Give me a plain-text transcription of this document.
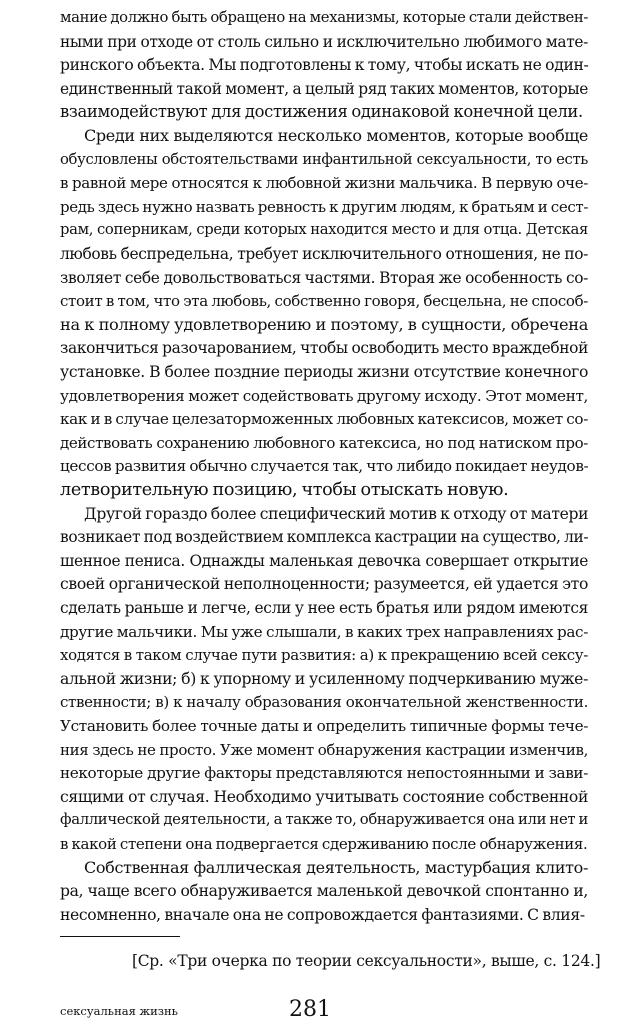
мание должно быть обращено на механизмы, которые стали действен-
ными при отходе от столь сильно и исключительно любимого мате-
ринского объекта. Мы подготовлены к тому, чтобы искать не один-
единственный такой момент, а целый ряд таких моментов, которые
взаимодействуют для достижения одинаковой конечной цели.
Среди них выделяются несколько моментов, которые вообще
обусловлены обстоятельствами инфантильной сексуальности, то есть
в равной мере относятся к любовной жизни мальчика. В первую оче-
редь здесь нужно назвать ревность к другим людям, к братьям и сест-
рам, соперникам, среди которых находится место и для отца. Детская
любовь беспредельна, требует исключительного отношения, не по-
зволяет себе довольствоваться частями. Вторая же особенность со-
стоит в том, что эта любовь, собственно говоря, бесцельна, не способ-
на к полному удовлетворению и поэтому, в сущности, обречена
закончиться разочарованием, чтобы освободить место враждебной
установке. В более поздние периоды жизни отсутствие конечного
удовлетворения может содействовать другому исходу. Этот момент,
как и в случае целезаторможенных любовных катексисов, может со-
действовать сохранению любовного катексиса, но под натиском про-
цессов развития обычно случается так, что либидо покидает неудов-
летворительную позицию, чтобы отыскать новую.
Другой гораздо более специфический мотив к отходу от матери
возникает под воздействием комплекса кастрации на существо, ли-
шенное пениса. Однажды маленькая девочка совершает открытие
своей органической неполноценности; разумеется, ей удается это
сделать раньше и легче, если у нее есть братья или рядом имеются
другие мальчики. Мы уже слышали, в каких трех направлениях рас-
ходятся в таком случае пути развития: а) к прекращению всей сексу-
альной жизни; б) к упорному и усиленному подчеркиванию муже-
ственности; в) к началу образования окончательной женственности.
Установить более точные даты и определить типичные формы тече-
ния здесь не просто. Уже момент обнаружения кастрации изменчив,
некоторые другие факторы представляются непостоянными и зави-
сящими от случая. Необходимо учитывать состояние собственной
фаллической деятельности, а также то, обнаруживается она или нет и
в какой степени она подвергается сдерживанию после обнаружения.
Собственная фаллическая деятельность, мастурбация клито-
ра, чаще всего обнаруживается маленькой девочкой спонтанно и,
несомненно, вначале она не сопровождается фантазиями. С влия-
[Ср. «Три очерка по теории сексуальности», выше, с. 124.]
сексуальная жизнь	281
